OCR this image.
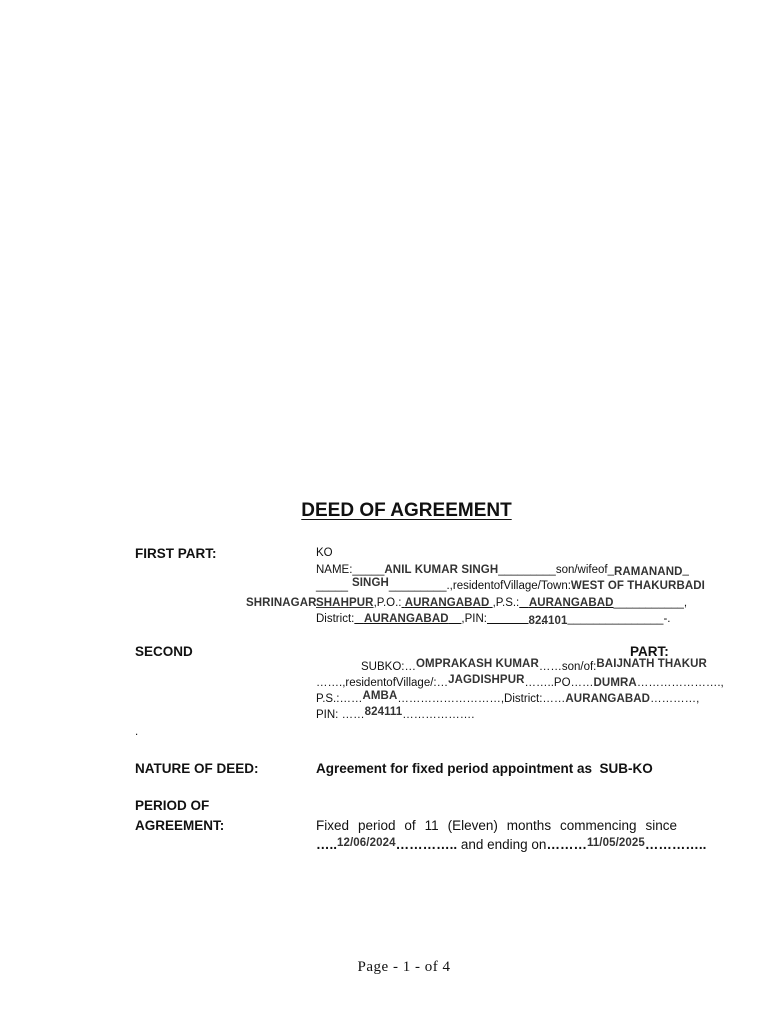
DEED OF AGREEMENT
FIRST PART:	KO
NAME:_____ANIL KUMAR SINGH_________son/wifeof_RAMANAND_
_____ SINGH_________.,residentofVillage/Town:WEST OF THAKURBADI
SHRINAGAR SHAHPUR,P.O.: AURANGABAD ,P.S.: AURANGABAD___________,
District: AURANGABAD ,PIN:	824101_______________-.
SECOND	PART:
SUBKO:…OMPRAKASH KUMAR……son/of:BAIJNATH THAKUR
…….,residentofVillage/:…JAGDISHPUR……..PO……DUMRA………………….,
P.S.:……AMBA………………………,District:……AURANGABAD…………,
PIN: ……824111……………….
.
NATURE OF DEED:	Agreement for fixed period appointment as  SUB-KO
PERIOD OF
AGREEMENT:	Fixed period of 11 (Eleven) months commencing since
…..12/06/2024………….. and ending on………11/05/2025…………..
Page - 1 - of 4
